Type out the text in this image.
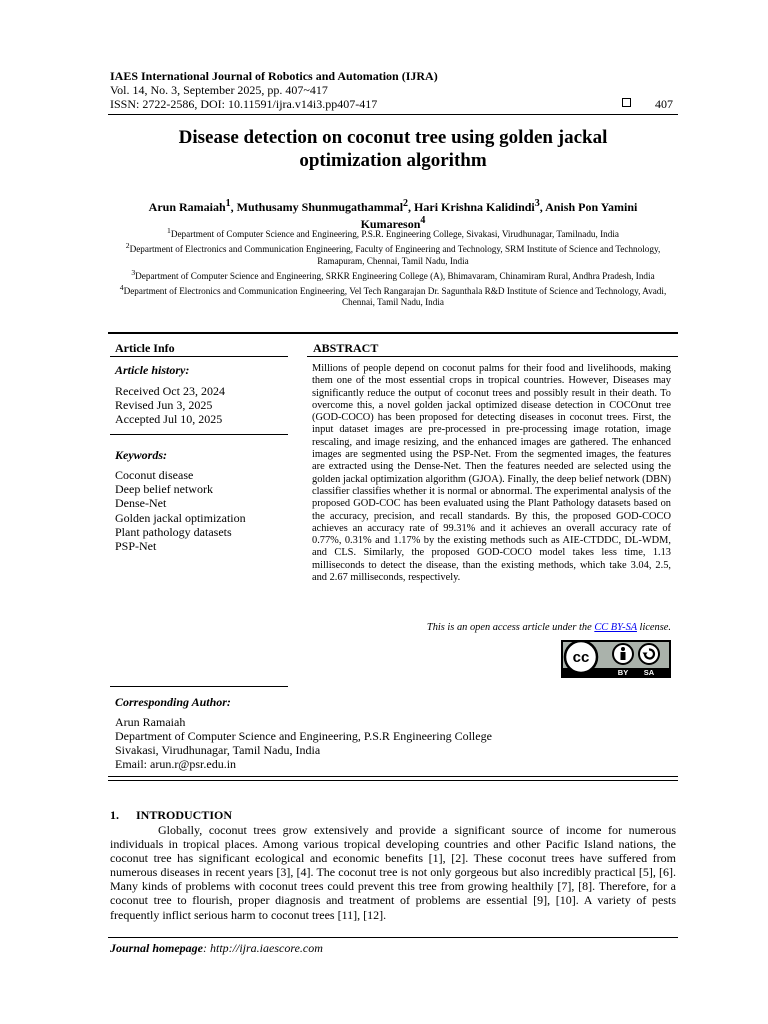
IAES International Journal of Robotics and Automation (IJRA)
Vol. 14, No. 3, September 2025, pp. 407~417
ISSN: 2722-2586, DOI: 10.11591/ijra.v14i3.pp407-417	407
Disease detection on coconut tree using golden jackal
optimization algorithm
Arun Ramaiah$^1$, Muthusamy Shunmugathammal$^2$, Hari Krishna Kalidindi$^3$, Anish Pon Yamini
Kumareson$^4$

$^1$Department of Computer Science and Engineering, P.S.R. Engineering College, Sivakasi, Virudhunagar, Tamilnadu, India

$^2$Department of Electronics and Communication Engineering, Faculty of Engineering and Technology, SRM Institute of Science and Technology, Ramapuram, Chennai, Tamil Nadu, India

$^3$Department of Computer Science and Engineering, SRKR Engineering College (A), Bhimavaram, Chinamiram Rural, Andhra Pradesh, India

$^4$Department of Electronics and Communication Engineering, Vel Tech Rangarajan Dr. Sagunthala R&D Institute of Science and Technology, Avadi, Chennai, Tamil Nadu, India

Article Info
Article history:
Received Oct 23, 2024
Revised Jun 3, 2025
Accepted Jul 10, 2025
Keywords:
Coconut disease
Deep belief network
Dense-Net
Golden jackal optimization
Plant pathology datasets
PSP-Net
ABSTRACT
Millions of people depend on coconut palms for their food and livelihoods, making them one of the most essential crops in tropical countries. However, Diseases may significantly reduce the output of coconut trees and possibly result in their death. To overcome this, a novel golden jackal optimized disease detection in COCOnut tree (GOD-COCO) has been proposed for detecting diseases in coconut trees. First, the input dataset images are pre-processed in pre-processing image rotation, image rescaling, and image resizing, and the enhanced images are gathered. The enhanced images are segmented using the PSP-Net. From the segmented images, the features are extracted using the Dense-Net. Then the features needed are selected using the golden jackal optimization algorithm (GJOA). Finally, the deep belief network (DBN) classifier classifies whether it is normal or abnormal. The experimental analysis of the proposed GOD-COC has been evaluated using the Plant Pathology datasets based on the accuracy, precision, and recall standards. By this, the proposed GOD-COCO achieves an accuracy rate of 99.31% and it achieves an overall accuracy rate of 0.77%, 0.31% and 1.17% by the existing methods such as AIE-CTDDC, DL-WDM, and CLS. Similarly, the proposed GOD-COCO model takes less time, 1.13 milliseconds to detect the disease, than the existing methods, which take 3.04, 2.5, and 2.67 milliseconds, respectively.
This is an open access article under the CC BY-SA license.
cc
BY SA
Corresponding Author:
Arun Ramaiah
Department of Computer Science and Engineering, P.S.R Engineering College
Sivakasi, Virudhunagar, Tamil Nadu, India
Email: arun.r@psr.edu.in
1. INTRODUCTION
Globally, coconut trees grow extensively and provide a significant source of income for numerous individuals in tropical places. Among various tropical developing countries and other Pacific Island nations, the coconut tree has significant ecological and economic benefits [1], [2]. These coconut trees have suffered from numerous diseases in recent years [3], [4]. The coconut tree is not only gorgeous but also incredibly practical [5], [6]. Many kinds of problems with coconut trees could prevent this tree from growing healthily [7], [8]. Therefore, for a coconut tree to flourish, proper diagnosis and treatment of problems are essential [9], [10]. A variety of pests frequently inflict serious harm to coconut trees [11], [12].
Journal homepage: http://ijra.iaescore.com
